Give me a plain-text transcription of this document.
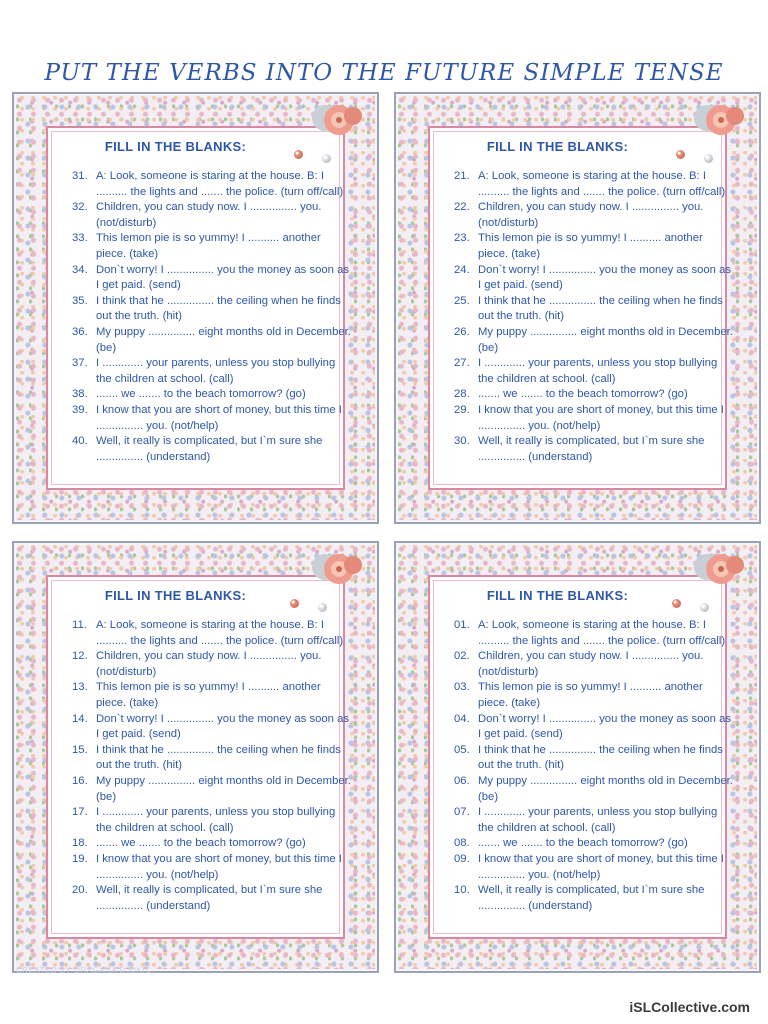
PUT THE VERBS INTO THE FUTURE SIMPLE TENSE
FILL IN THE BLANKS:
31. A: Look, someone is staring at the house. B: I .......... the lights and ....... the police. (turn off/call)
32. Children, you can study now. I ............... you. (not/disturb)
33. This lemon pie is so yummy! I .......... another piece. (take)
34. Don`t worry! I ............... you the money as soon as I get paid. (send)
35. I think that he ............... the ceiling when he finds out the truth. (hit)
36. My puppy ............... eight months old in December. (be)
37. I ............. your parents, unless you stop bullying the children at school. (call)
38. ....... we ....... to the beach tomorrow? (go)
39. I know that you are short of money, but this time I ............... you. (not/help)
40. Well, it really is complicated, but I`m sure she ............... (understand)
FILL IN THE BLANKS:
21. A: Look, someone is staring at the house. B: I .......... the lights and ....... the police. (turn off/call)
22. Children, you can study now. I ............... you. (not/disturb)
23. This lemon pie is so yummy! I .......... another piece. (take)
24. Don`t worry! I ............... you the money as soon as I get paid. (send)
25. I think that he ............... the ceiling when he finds out the truth. (hit)
26. My puppy ............... eight months old in December. (be)
27. I ............. your parents, unless you stop bullying the children at school. (call)
28. ....... we ....... to the beach tomorrow? (go)
29. I know that you are short of money, but this time I ............... you. (not/help)
30. Well, it really is complicated, but I`m sure she ............... (understand)
FILL IN THE BLANKS:
11. A: Look, someone is staring at the house. B: I .......... the lights and ....... the police. (turn off/call)
12. Children, you can study now. I ............... you. (not/disturb)
13. This lemon pie is so yummy! I .......... another piece. (take)
14. Don`t worry! I ............... you the money as soon as I get paid. (send)
15. I think that he ............... the ceiling when he finds out the truth. (hit)
16. My puppy ............... eight months old in December. (be)
17. I ............. your parents, unless you stop bullying the children at school. (call)
18. ....... we ....... to the beach tomorrow? (go)
19. I know that you are short of money, but this time I ............... you. (not/help)
20. Well, it really is complicated, but I`m sure she ............... (understand)
FILL IN THE BLANKS:
01. A: Look, someone is staring at the house. B: I .......... the lights and ....... the police. (turn off/call)
02. Children, you can study now. I ............... you. (not/disturb)
03. This lemon pie is so yummy! I .......... another piece. (take)
04. Don`t worry! I ............... you the money as soon as I get paid. (send)
05. I think that he ............... the ceiling when he finds out the truth. (hit)
06. My puppy ............... eight months old in December. (be)
07. I ............. your parents, unless you stop bullying the children at school. (call)
08. ....... we ....... to the beach tomorrow? (go)
09. I know that you are short of money, but this time I ............... you. (not/help)
10. Well, it really is complicated, but I`m sure she ............... (understand)
CREATED BY DRAGANA DJUKIC
iSLCollective.com
